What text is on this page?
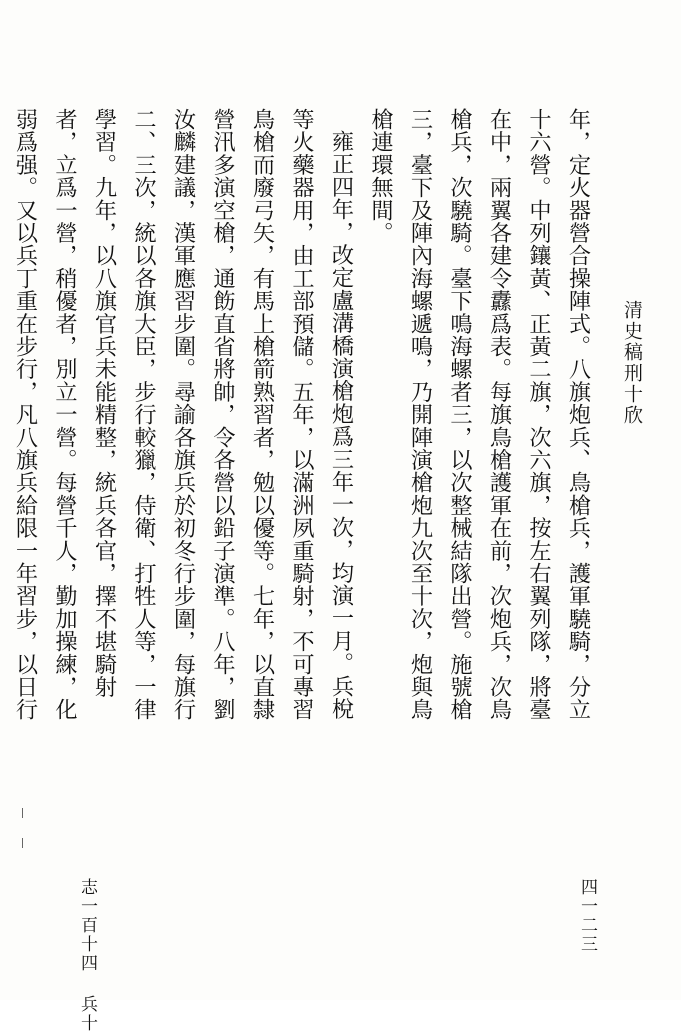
清史稿刑十欣

年，定火器營合操陣式。八旗炮兵、鳥槍兵，護軍驍騎，分立十六營。中列鑲黃、正黃二旗，次六旗，按左右翼列隊，將臺在中，兩翼各建令纛爲表。每旗鳥槍護軍在前，次炮兵，次鳥槍兵，次驍騎。臺下鳴海螺者三，以次整械結隊出營。施號槍三，臺下及陣內海螺遞鳴，乃開陣演槍炮九次至十次，炮與鳥槍連環無間。

雍正四年，改定盧溝橋演槍炮爲三年一次，均演一月。兵梲等火藥器用，由工部預儲。五年，以滿洲夙重騎射，不可專習鳥槍而廢弓矢，有馬上槍箭熟習者，勉以優等。七年，以直隸營汛多演空槍，通飭直省將帥，令各營以鉛子演準。八年，劉汝麟建議，漢軍應習步圍。尋諭各旗兵於初冬行步圍，每旗行二、三次，統以各旗大臣，步行較獵，侍衛、打牲人等，一律學習。九年，以八旗官兵未能精整，統兵各官，擇不堪騎射者，立爲一營，稍優者，別立一營。每營千人，勤加操練，化弱爲强。又以兵丁重在步行，凡八旗兵給限一年習步，以日行

志一百十四兵十
四一二三
